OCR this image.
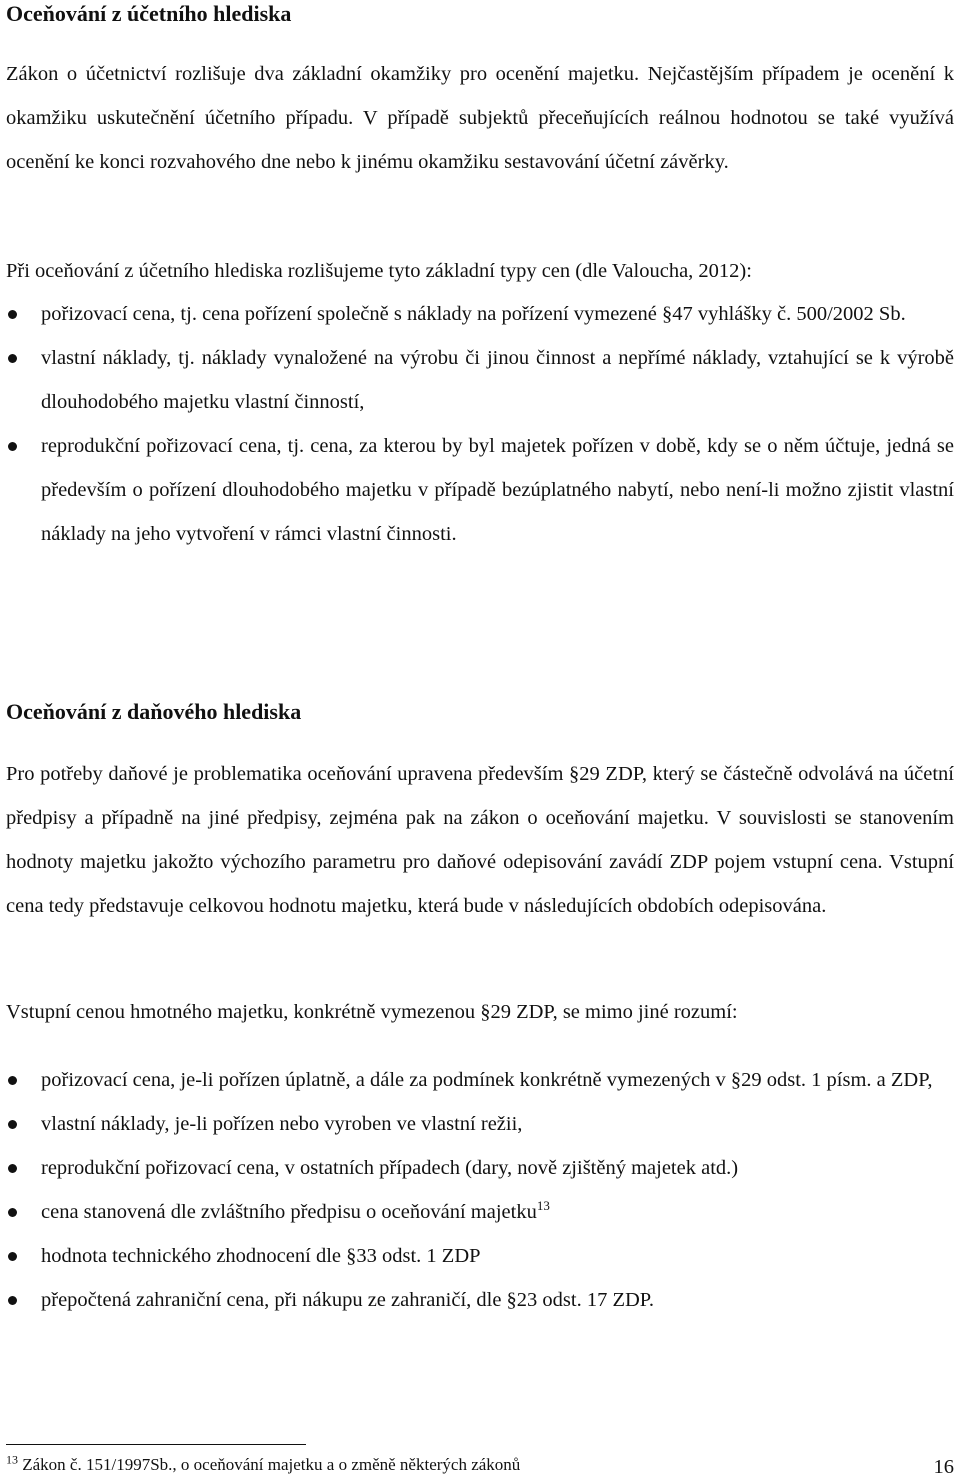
Oceňování z účetního hlediska

Zákon o účetnictví rozlišuje dva základní okamžiky pro ocenění majetku. Nejčastějším případem je ocenění k okamžiku uskutečnění účetního případu. V případě subjektů přeceňujících reálnou hodnotou se také využívá ocenění ke konci rozvahového dne nebo k jinému okamžiku sestavování účetní závěrky.

Při oceňování z účetního hlediska rozlišujeme tyto základní typy cen (dle Valoucha, 2012):

pořizovací cena, tj. cena pořízení společně s náklady na pořízení vymezené §47 vyhlášky č. 500/2002 Sb.
vlastní náklady, tj. náklady vynaložené na výrobu či jinou činnost a nepřímé náklady, vztahující se k výrobě dlouhodobého majetku vlastní činností,
reprodukční pořizovací cena, tj. cena, za kterou by byl majetek pořízen v době, kdy se o něm účtuje, jedná se především o pořízení dlouhodobého majetku v případě bezúplatného nabytí, nebo není-li možno zjistit vlastní náklady na jeho vytvoření v rámci vlastní činnosti.
Oceňování z daňového hlediska

Pro potřeby daňové je problematika oceňování upravena především §29 ZDP, který se částečně odvolává na účetní předpisy a případně na jiné předpisy, zejména pak na zákon o oceňování majetku. V souvislosti se stanovením hodnoty majetku jakožto výchozího parametru pro daňové odepisování zavádí ZDP pojem vstupní cena. Vstupní cena tedy představuje celkovou hodnotu majetku, která bude v následujících obdobích odepisována.

Vstupní cenou hmotného majetku, konkrétně vymezenou §29 ZDP, se mimo jiné rozumí:

pořizovací cena, je-li pořízen úplatně, a dále za podmínek konkrétně vymezených v §29 odst. 1 písm. a ZDP,
vlastní náklady, je-li pořízen nebo vyroben ve vlastní režii,
reprodukční pořizovací cena, v ostatních případech (dary, nově zjištěný majetek atd.)
cena stanovená dle zvláštního předpisu o oceňování majetku$^{13}$
hodnota technického zhodnocení dle §33 odst. 1 ZDP
přepočtená zahraniční cena, při nákupu ze zahraničí, dle §23 odst. 17 ZDP.
$^{13}$ Zákon č. 151/1997Sb., o oceňování majetku a o změně některých zákonů	16
